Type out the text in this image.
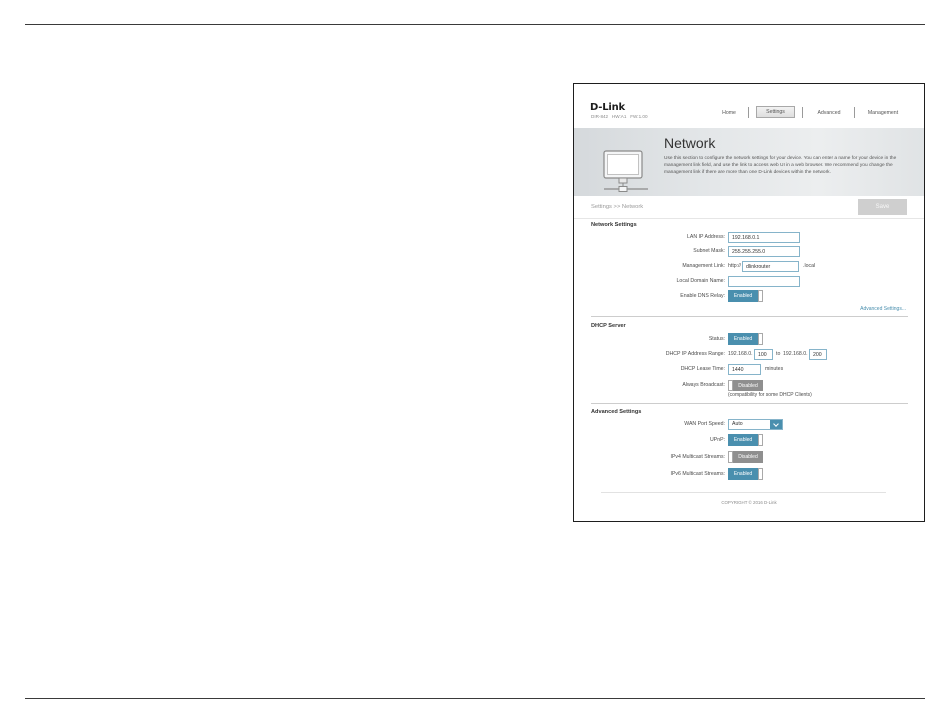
D-Link
DIR-842   HW:A1   FW:1.00
Home	Settings	Advanced	Management
Network
Use this section to configure the network settings for your device. You can enter a name for your device in the management link field, and use the link to access web UI in a web browser. We recommend you change the management link if there are more than one D-Link devices within the network.
Settings >> Network	Save
Network Settings
LAN IP Address:
192.168.0.1
Subnet Mask:
255.255.255.0
Management Link: http://
dlinkrouter	.local
Local Domain Name:
Enable DNS Relay:	Enabled
Advanced Settings...
DHCP Server
Status:	Enabled
DHCP IP Address Range: 192.168.0.
100	to 192.168.0.
200
DHCP Lease Time:
1440	minutes
Always Broadcast:	Disabled
(compatibility for some DHCP Clients)
Advanced Settings
WAN Port Speed: Auto
UPnP:	Enabled
IPv4 Multicast Streams:	Disabled
IPv6 Multicast Streams:	Enabled
COPYRIGHT © 2016 D-Link
